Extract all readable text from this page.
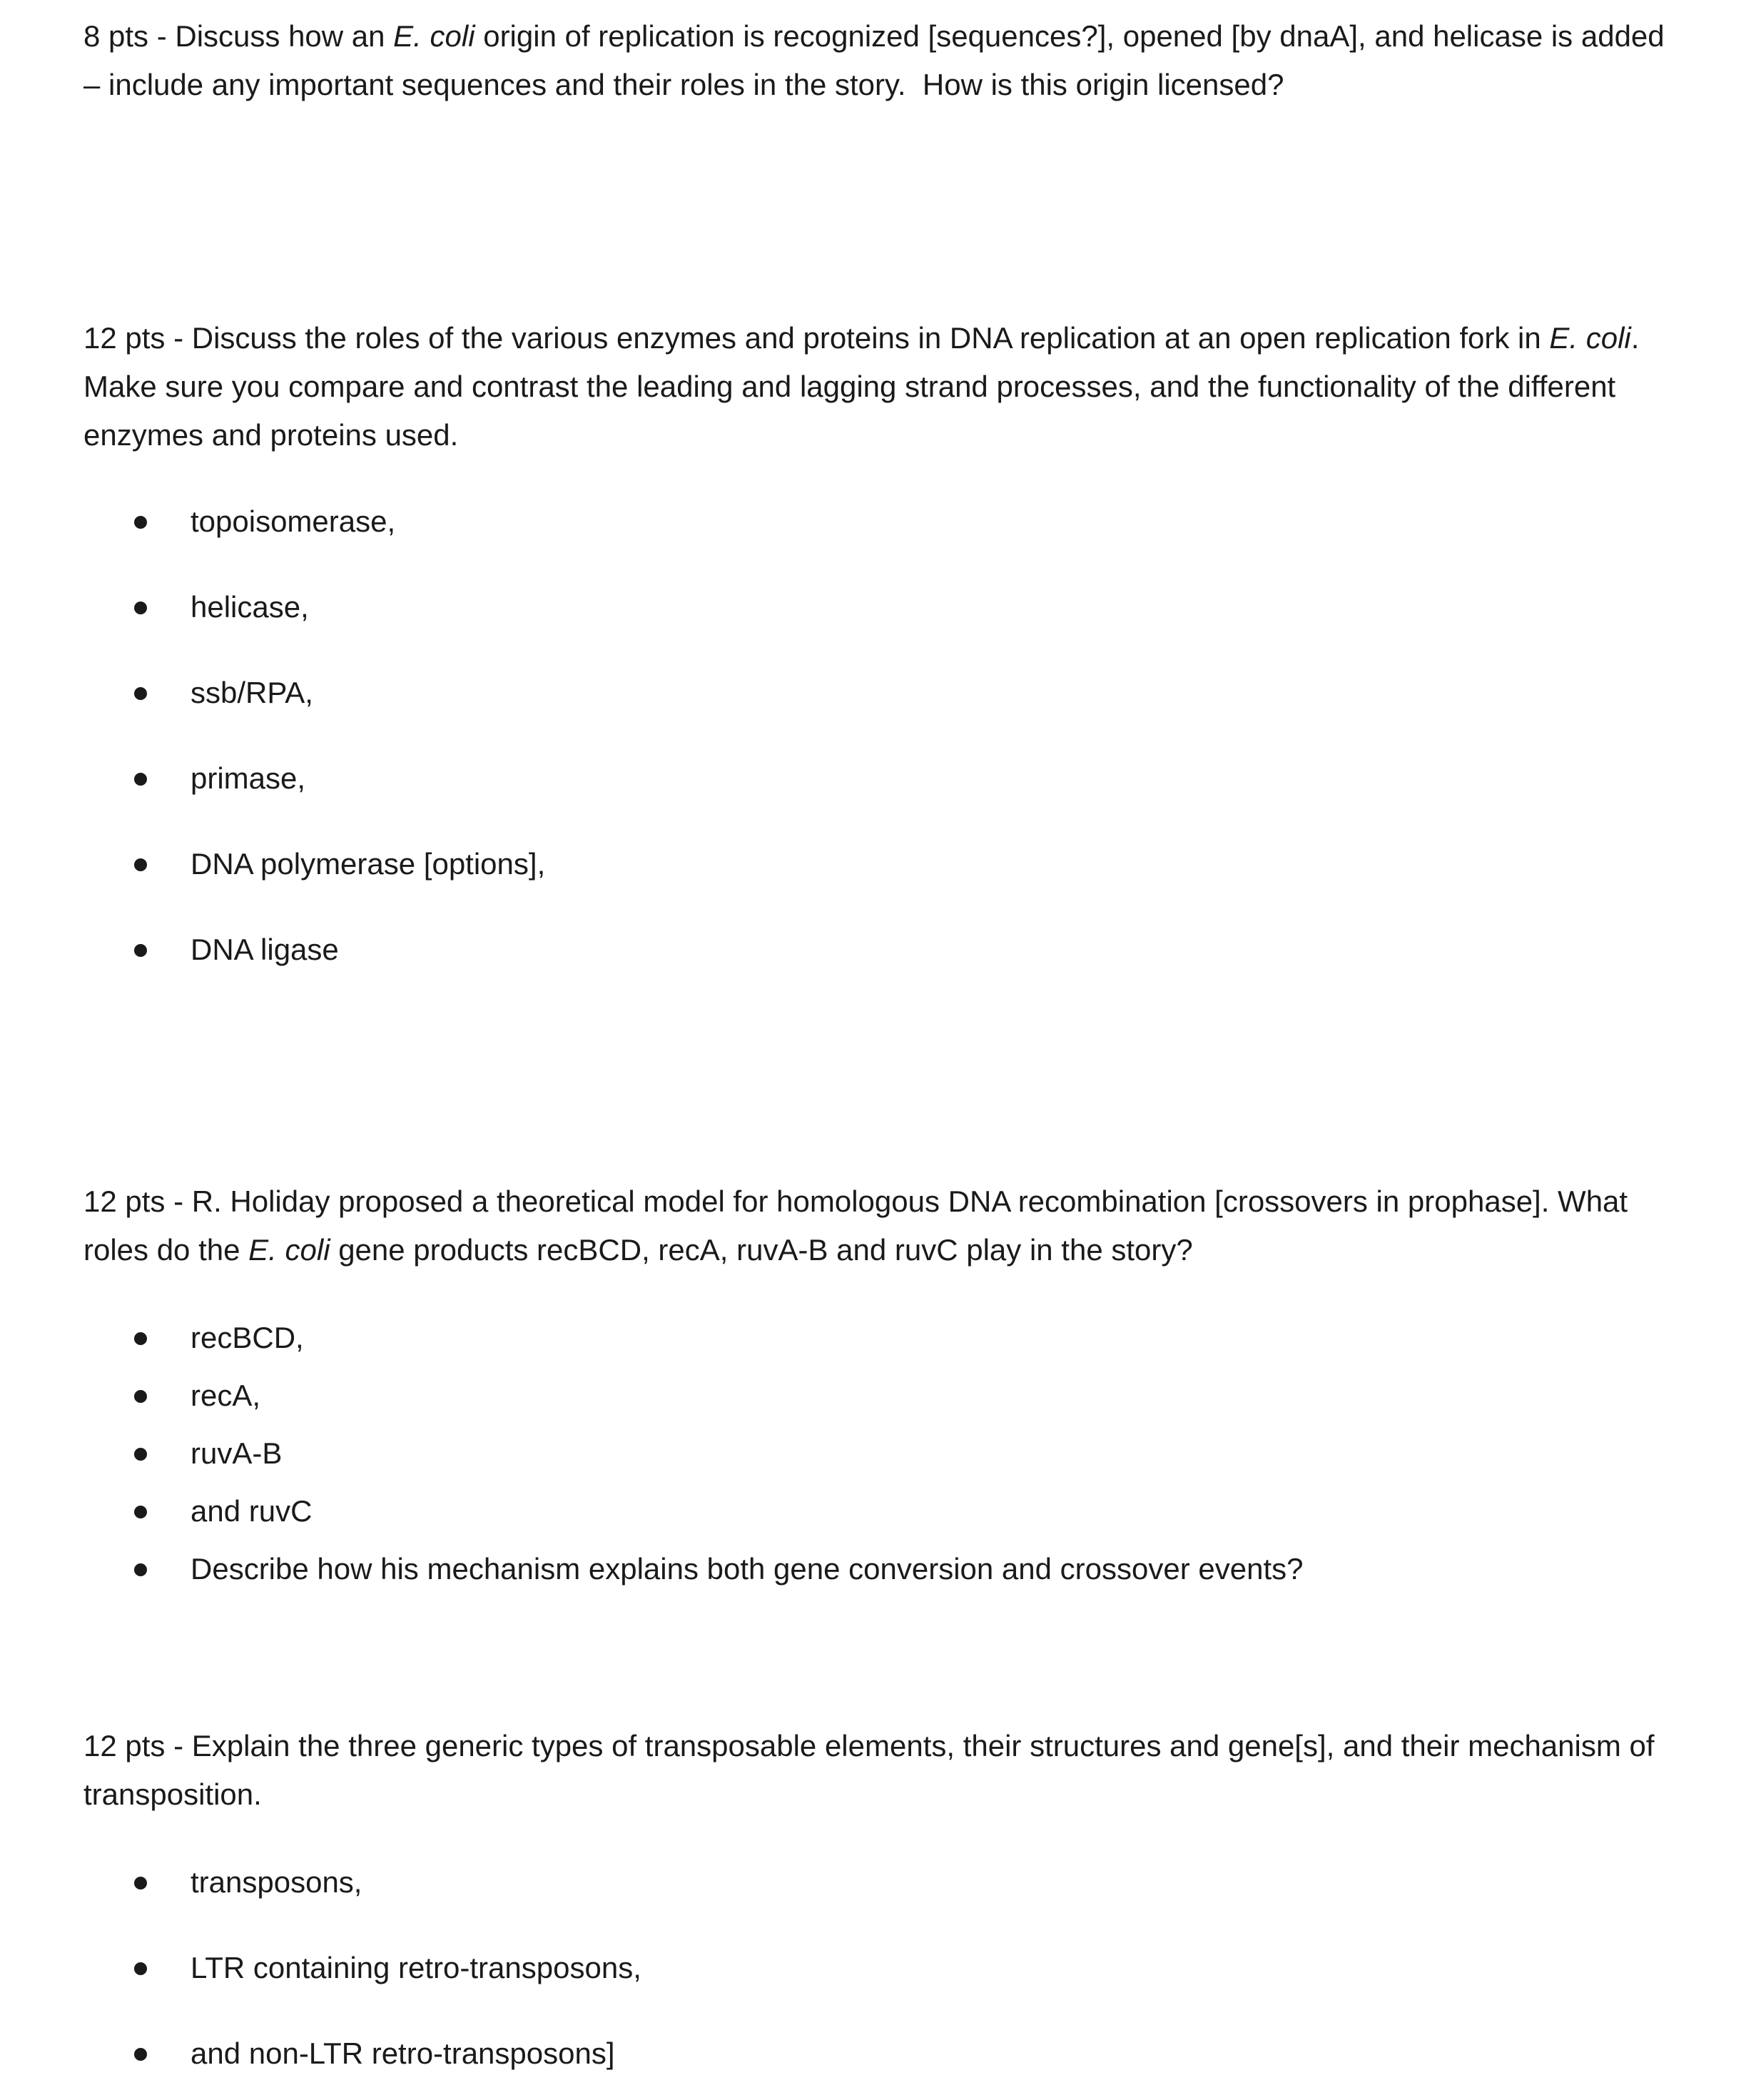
8 pts - Discuss how an E. coli origin of replication is recognized [sequences?], opened [by dnaA], and helicase is added – include any important sequences and their roles in the story.  How is this origin licensed?

12 pts - Discuss the roles of the various enzymes and proteins in DNA replication at an open replication fork in E. coli.  Make sure you compare and contrast the leading and lagging strand processes, and the functionality of the different enzymes and proteins used.

topoisomerase,
helicase,
ssb/RPA,
primase,
DNA polymerase [options],
DNA ligase

12 pts - R. Holiday proposed a theoretical model for homologous DNA recombination [crossovers in prophase]. What roles do the E. coli gene products recBCD, recA, ruvA-B and ruvC play in the story?

recBCD,
recA,
ruvA-B
and ruvC
Describe how his mechanism explains both gene conversion and crossover events?

12 pts - Explain the three generic types of transposable elements, their structures and gene[s], and their mechanism of transposition.

transposons,
LTR containing retro-transposons,
and non-LTR retro-transposons]
